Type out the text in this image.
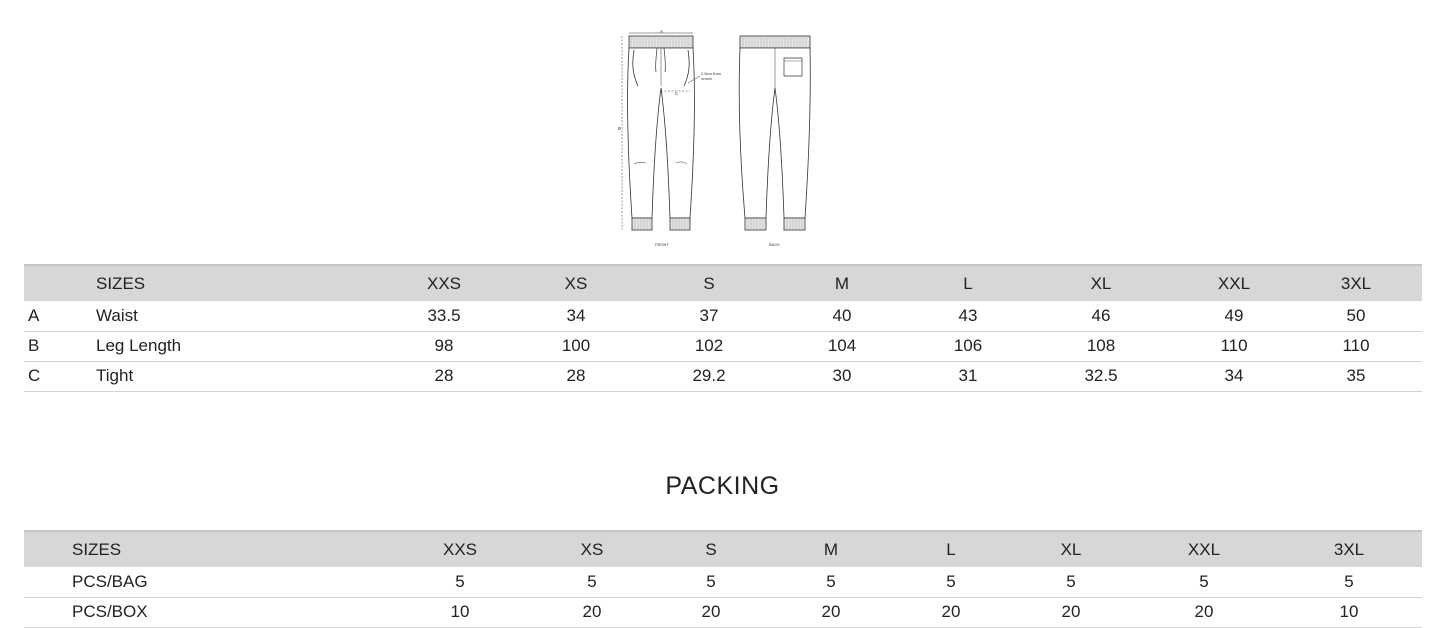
A
B
C
2,5cm from
crotch
FRONT	BACK
	SIZES	XXS	XS	S	M	L	XL	XXL	3XL
A	Waist	33.5	34	37	40	43	46	49	50
B	Leg Length	98	100	102	104	106	108	110	110
C	Tight	28	28	29.2	30	31	32.5	34	35
PACKING
	SIZES	XXS	XS	S	M	L	XL	XXL	3XL
	PCS/BAG	5	5	5	5	5	5	5	5
	PCS/BOX	10	20	20	20	20	20	20	10
